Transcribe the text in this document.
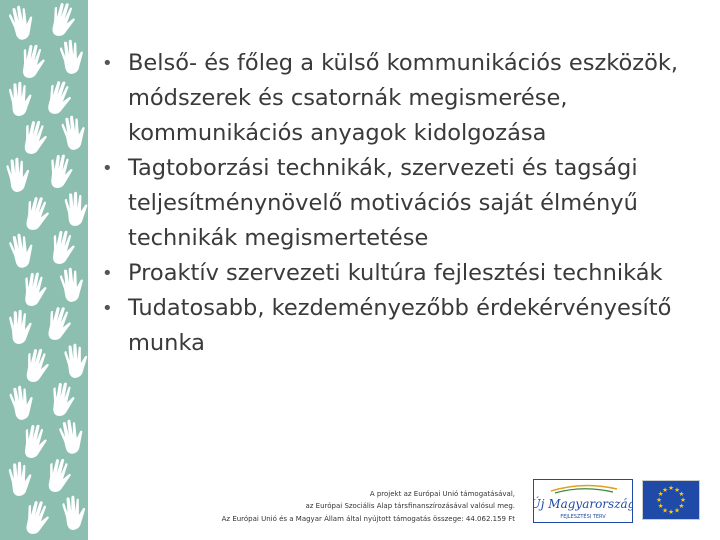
• Belső- és főleg a külső kommunikációs eszközök, módszerek és csatornák megismerése, kommunikációs anyagok kidolgozása
• Tagtoborzási technikák, szervezeti és tagsági teljesítménynövelő motivációs saját élményű technikák megismertetése
• Proaktív szervezeti kultúra fejlesztési technikák
• Tudatosabb, kezdeményezőbb érdekérvényesítő munka
A projekt az Európai Unió támogatásával,
az Európai Szociális Alap társfinanszírozásával valósul meg.
Az Európai Unió és a Magyar Állam által nyújtott támogatás összege: 44.062.159 Ft
Új Magyarország
FEJLESZTÉSI TERV
★
★
★
★
★
★
★
★
★ ★ ★
★
